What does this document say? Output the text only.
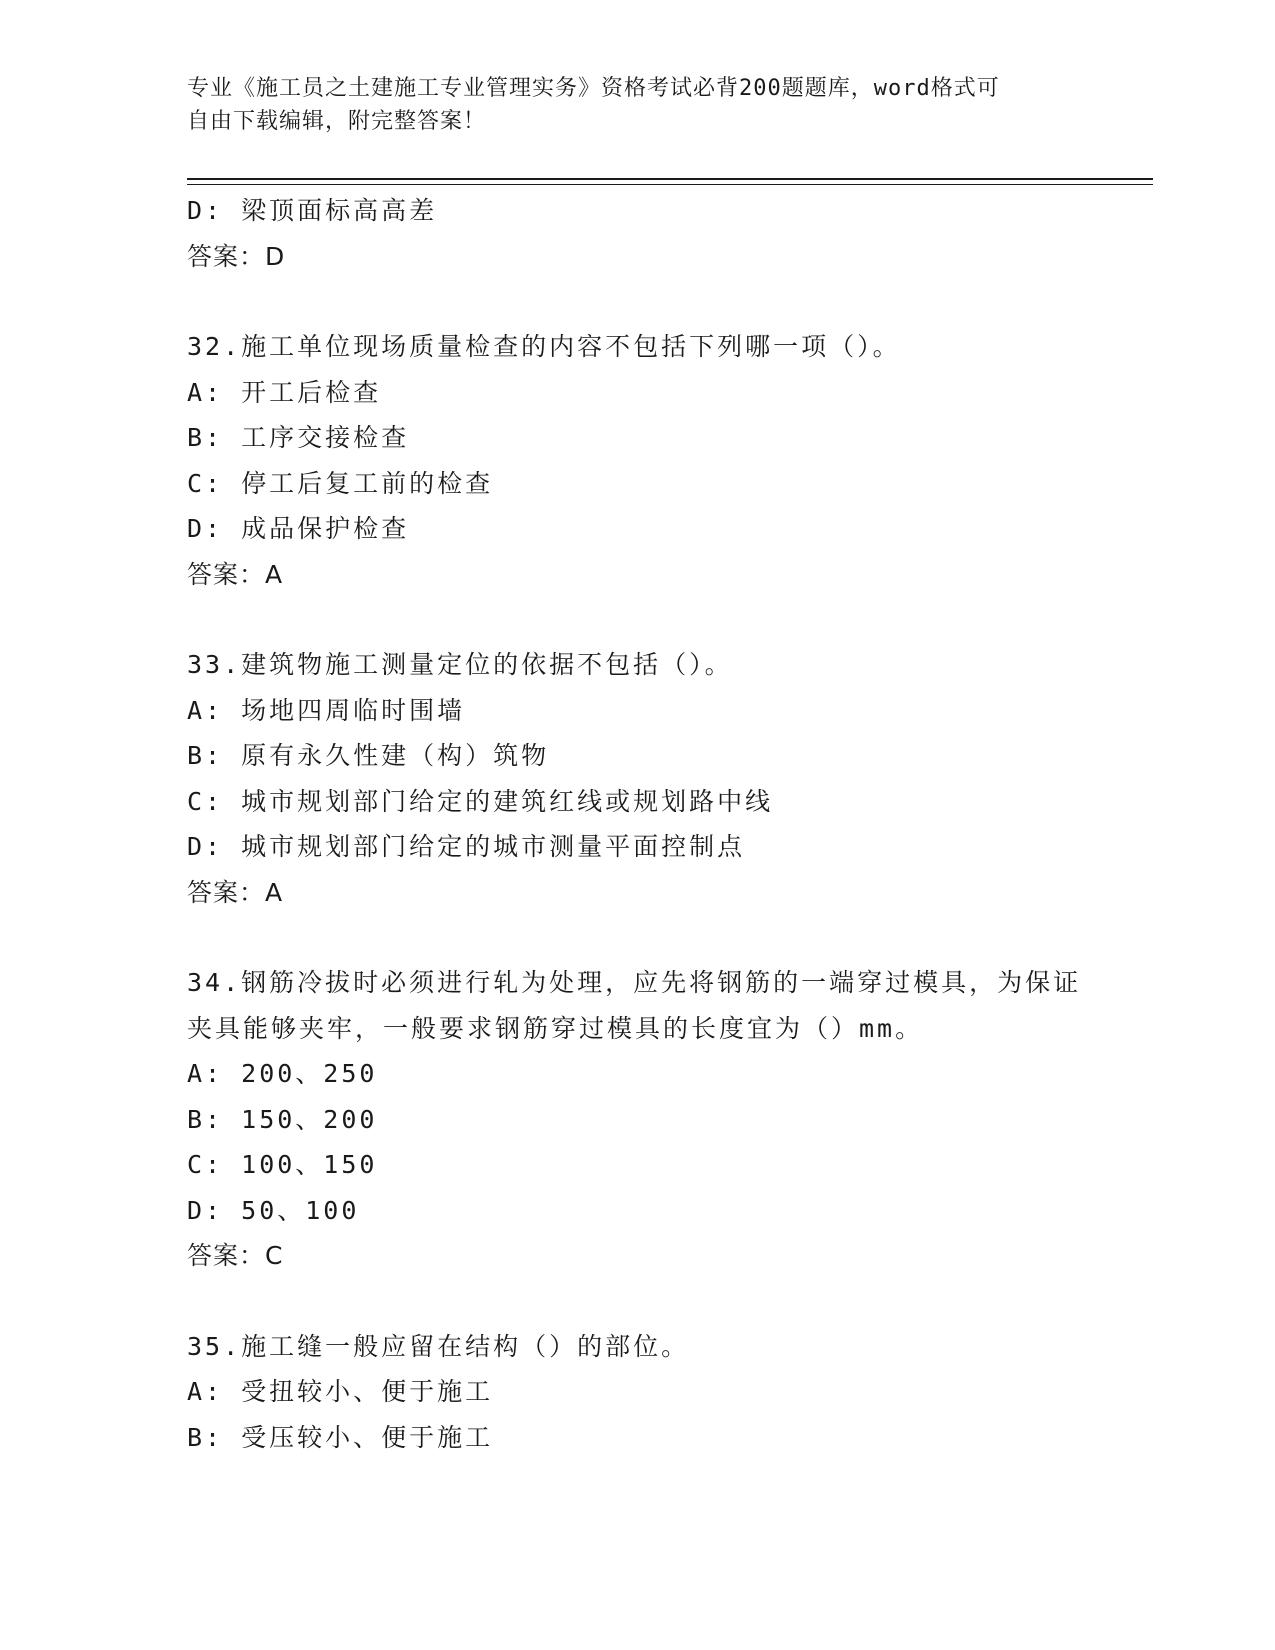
专业《施工员之土建施工专业管理实务》资格考试必背200题题库，word格式可
自由下载编辑，附完整答案！
D: 梁顶面标高高差
答案：D
32.施工单位现场质量检查的内容不包括下列哪一项（）。
A: 开工后检查
B: 工序交接检查
C: 停工后复工前的检查
D: 成品保护检查
答案：A
33.建筑物施工测量定位的依据不包括（）。
A: 场地四周临时围墙
B: 原有永久性建（构）筑物
C: 城市规划部门给定的建筑红线或规划路中线
D: 城市规划部门给定的城市测量平面控制点
答案：A
34.钢筋冷拔时必须进行轧为处理，应先将钢筋的一端穿过模具，为保证夹具能够夹牢，一般要求钢筋穿过模具的长度宜为（）mm。
A: 200、250
B: 150、200
C: 100、150
D: 50、100
答案：C
35.施工缝一般应留在结构（）的部位。
A: 受扭较小、便于施工
B: 受压较小、便于施工
